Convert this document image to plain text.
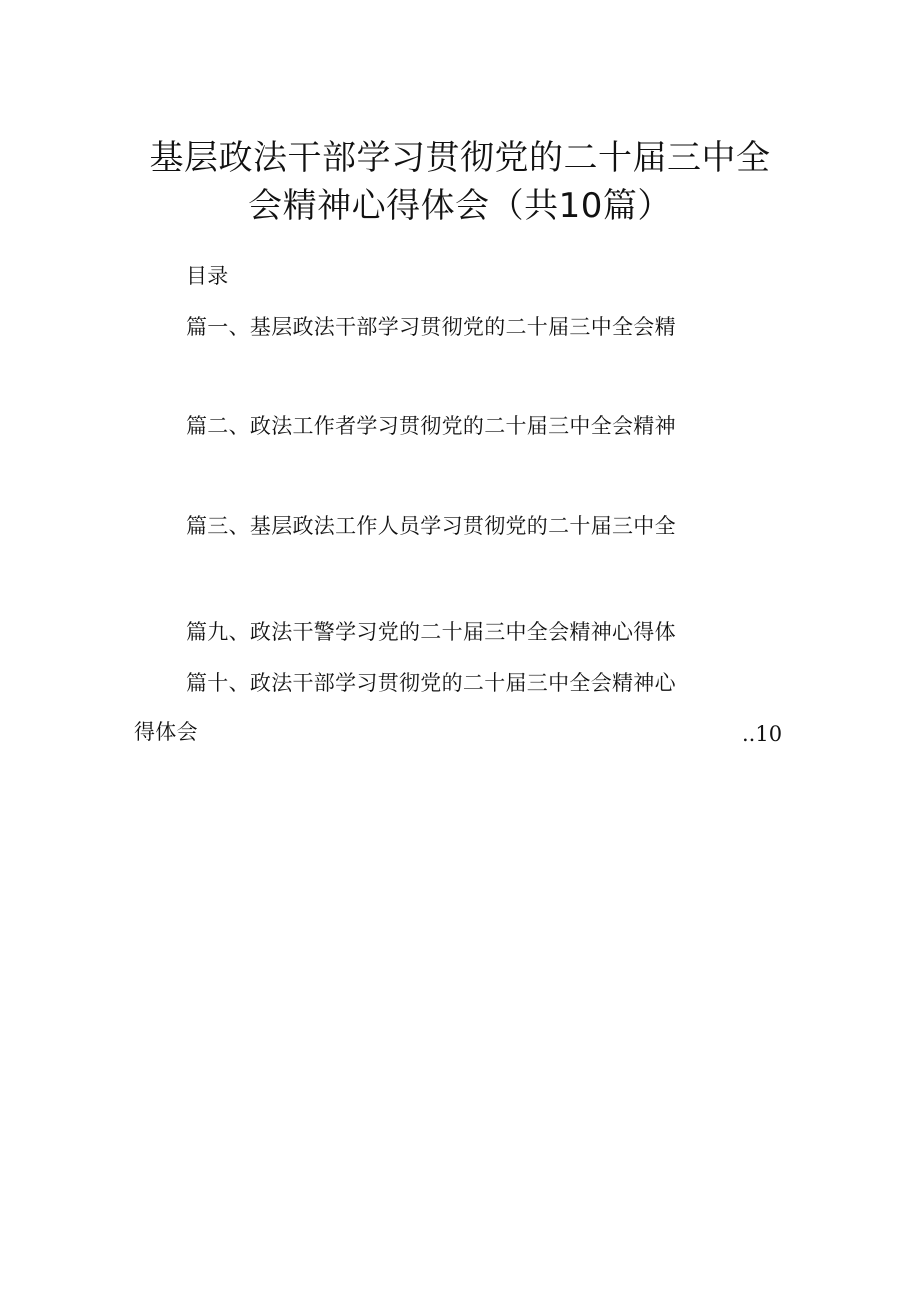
基层政法干部学习贯彻党的二十届三中全
会精神心得体会（共10篇）
目录
篇一、基层政法干部学习贯彻党的二十届三中全会精
篇二、政法工作者学习贯彻党的二十届三中全会精神
篇三、基层政法工作人员学习贯彻党的二十届三中全
篇九、政法干警学习党的二十届三中全会精神心得体
篇十、政法干部学习贯彻党的二十届三中全会精神心
得体会	..10
